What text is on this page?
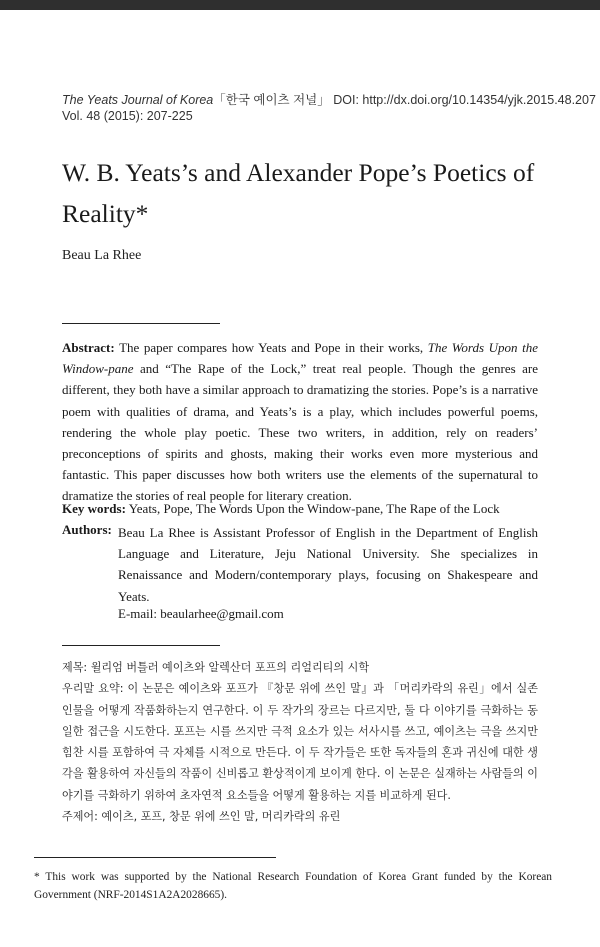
The Yeats Journal of Korea「한국 예이츠 저널」 DOI: http://dx.doi.org/10.14354/yjk.2015.48.207
Vol. 48 (2015): 207-225
W. B. Yeats’s and Alexander Pope’s Poetics of Reality*
Beau La Rhee
Abstract: The paper compares how Yeats and Pope in their works, The Words Upon the Window-pane and “The Rape of the Lock,” treat real people. Though the genres are different, they both have a similar approach to dramatizing the stories. Pope’s is a narrative poem with qualities of drama, and Yeats’s is a play, which includes powerful poems, rendering the whole play poetic. These two writers, in addition, rely on readers’ preconceptions of spirits and ghosts, making their works even more mysterious and fantastic. This paper discusses how both writers use the elements of the supernatural to dramatize the stories of real people for literary creation.
Key words: Yeats, Pope, The Words Upon the Window-pane, The Rape of the Lock
Authors: Beau La Rhee is Assistant Professor of English in the Department of English Language and Literature, Jeju National University. She specializes in Renaissance and Modern/contemporary plays, focusing on Shakespeare and Yeats.
E-mail: beaularhee@gmail.com
제목: 윌리엄 버틀러 예이츠와 알렉산더 포프의 리얼리티의 시학
우리말 요약: 이 논문은 예이츠와 포프가 『창문 위에 쓰인 말』과 「머리카락의 유린」에서 실존 인물을 어떻게 작품화하는지 연구한다. 이 두 작가의 장르는 다르지만, 둘 다 이야기를 극화하는 동일한 접근을 시도한다. 포프는 시를 쓰지만 극적 요소가 있는 서사시를 쓰고, 예이츠는 극을 쓰지만 힘찬 시를 포함하여 극 자체를 시적으로 만든다. 이 두 작가들은 또한 독자들의 혼과 귀신에 대한 생각을 활용하여 자신들의 작품이 신비롭고 환상적이게 보이게 한다. 이 논문은 실재하는 사람들의 이야기를 극화하기 위하여 초자연적 요소들을 어떻게 활용하는 지를 비교하게 된다.
주제어: 예이츠, 포프, 창문 위에 쓰인 말, 머리카락의 유린
* This work was supported by the National Research Foundation of Korea Grant funded by the Korean Government (NRF-2014S1A2A2028665).
